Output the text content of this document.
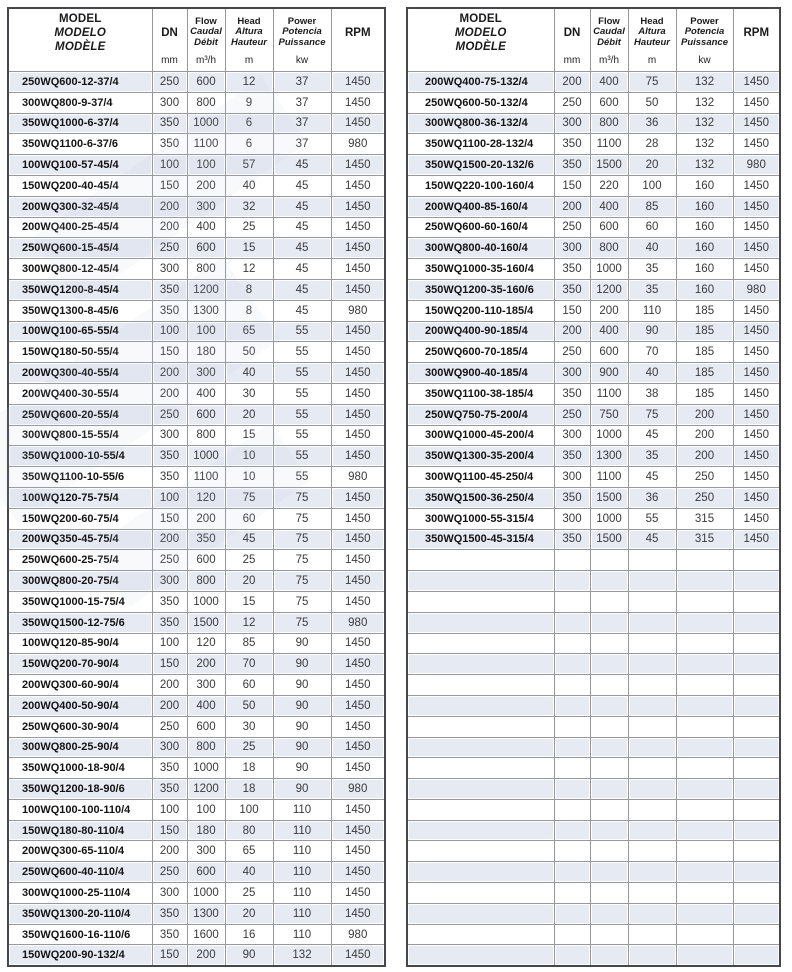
MODEL
MODELO
MODÈLE

DN
mm

Flow
Caudal
Débit
m³/h

Head
Altura
Hauteur
m

Power
Potencia
Puissance
kw

RPM

250WQ600-12-37/4	250	600	12	37	1450
300WQ800-9-37/4	300	800	9	37	1450
350WQ1000-6-37/4	350	1000	6	37	1450
350WQ1100-6-37/6	350	1100	6	37	980
100WQ100-57-45/4	100	100	57	45	1450
150WQ200-40-45/4	150	200	40	45	1450
200WQ300-32-45/4	200	300	32	45	1450
200WQ400-25-45/4	200	400	25	45	1450
250WQ600-15-45/4	250	600	15	45	1450
300WQ800-12-45/4	300	800	12	45	1450
350WQ1200-8-45/4	350	1200	8	45	1450
350WQ1300-8-45/6	350	1300	8	45	980
100WQ100-65-55/4	100	100	65	55	1450
150WQ180-50-55/4	150	180	50	55	1450
200WQ300-40-55/4	200	300	40	55	1450
200WQ400-30-55/4	200	400	30	55	1450
250WQ600-20-55/4	250	600	20	55	1450
300WQ800-15-55/4	300	800	15	55	1450
350WQ1000-10-55/4	350	1000	10	55	1450
350WQ1100-10-55/6	350	1100	10	55	980
100WQ120-75-75/4	100	120	75	75	1450
150WQ200-60-75/4	150	200	60	75	1450
200WQ350-45-75/4	200	350	45	75	1450
250WQ600-25-75/4	250	600	25	75	1450
300WQ800-20-75/4	300	800	20	75	1450
350WQ1000-15-75/4	350	1000	15	75	1450
350WQ1500-12-75/6	350	1500	12	75	980
100WQ120-85-90/4	100	120	85	90	1450
150WQ200-70-90/4	150	200	70	90	1450
200WQ300-60-90/4	200	300	60	90	1450
200WQ400-50-90/4	200	400	50	90	1450
250WQ600-30-90/4	250	600	30	90	1450
300WQ800-25-90/4	300	800	25	90	1450
350WQ1000-18-90/4	350	1000	18	90	1450
350WQ1200-18-90/6	350	1200	18	90	980
100WQ100-100-110/4	100	100	100	110	1450
150WQ180-80-110/4	150	180	80	110	1450
200WQ300-65-110/4	200	300	65	110	1450
250WQ600-40-110/4	250	600	40	110	1450
300WQ1000-25-110/4	300	1000	25	110	1450
350WQ1300-20-110/4	350	1300	20	110	1450
350WQ1600-16-110/6	350	1600	16	110	980
150WQ200-90-132/4	150	200	90	132	1450
MODEL
MODELO
MODÈLE

DN
mm

Flow
Caudal
Débit
m³/h

Head
Altura
Hauteur
m

Power
Potencia
Puissance
kw

RPM

200WQ400-75-132/4	200	400	75	132	1450
250WQ600-50-132/4	250	600	50	132	1450
300WQ800-36-132/4	300	800	36	132	1450
350WQ1100-28-132/4	350	1100	28	132	1450
350WQ1500-20-132/6	350	1500	20	132	980
150WQ220-100-160/4	150	220	100	160	1450
200WQ400-85-160/4	200	400	85	160	1450
250WQ600-60-160/4	250	600	60	160	1450
300WQ800-40-160/4	300	800	40	160	1450
350WQ1000-35-160/4	350	1000	35	160	1450
350WQ1200-35-160/6	350	1200	35	160	980
150WQ200-110-185/4	150	200	110	185	1450
200WQ400-90-185/4	200	400	90	185	1450
250WQ600-70-185/4	250	600	70	185	1450
300WQ900-40-185/4	300	900	40	185	1450
350WQ1100-38-185/4	350	1100	38	185	1450
250WQ750-75-200/4	250	750	75	200	1450
300WQ1000-45-200/4	300	1000	45	200	1450
350WQ1300-35-200/4	350	1300	35	200	1450
300WQ1100-45-250/4	300	1100	45	250	1450
350WQ1500-36-250/4	350	1500	36	250	1450
300WQ1000-55-315/4	300	1000	55	315	1450
350WQ1500-45-315/4	350	1500	45	315	1450
